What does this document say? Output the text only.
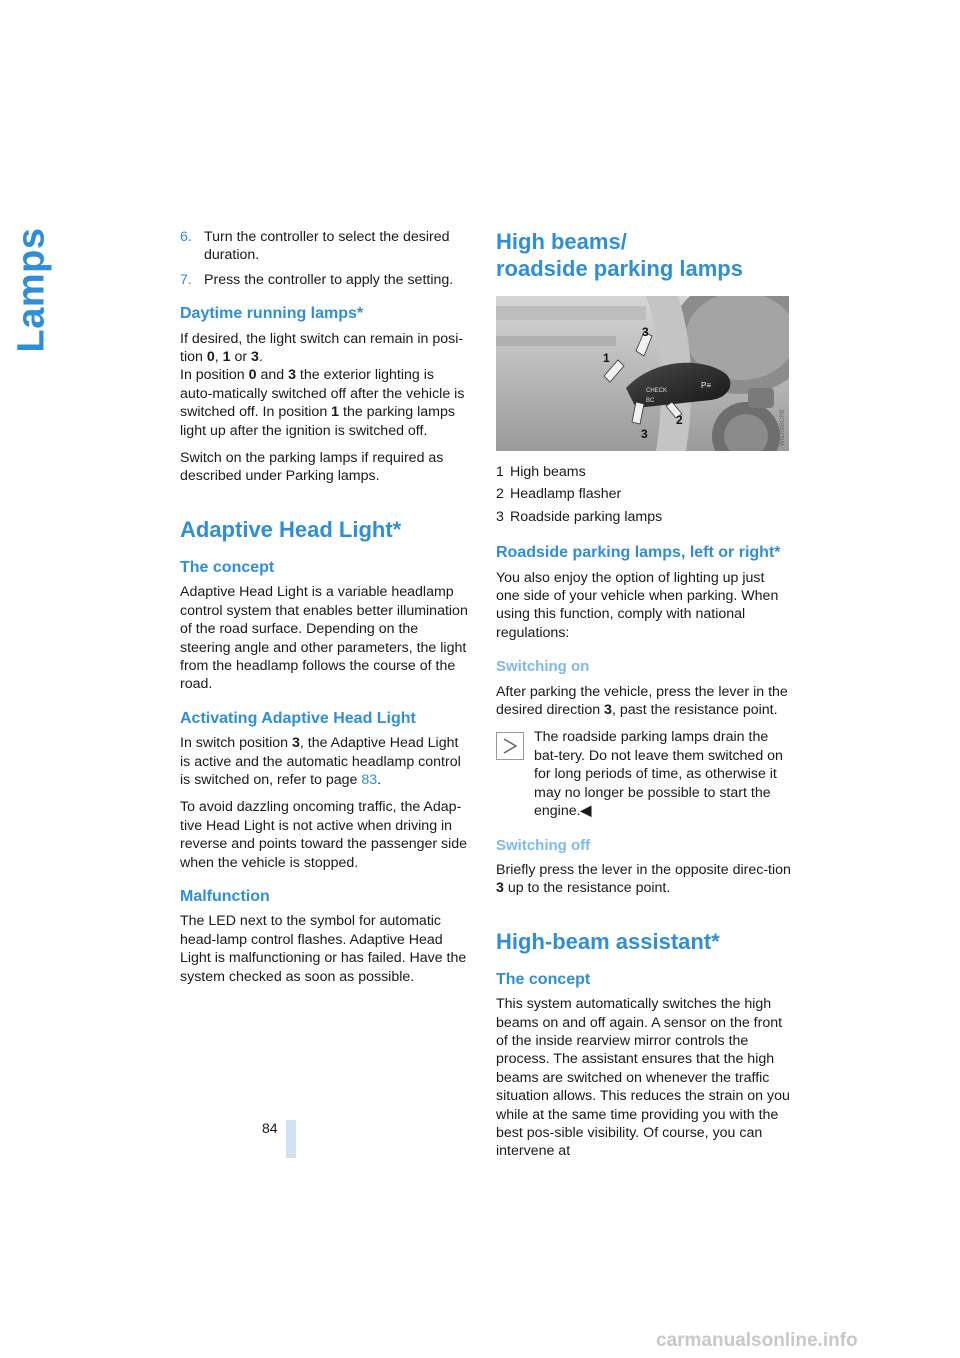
Lamps	6. Turn the controller to select the desired duration.
7. Press the controller to apply the setting.
Daytime running lamps*

If desired, the light switch can remain in posi-tion 0, 1 or 3.
In position 0 and 3 the exterior lighting is auto-matically switched off after the vehicle is switched off. In position 1 the parking lamps light up after the ignition is switched off.

Switch on the parking lamps if required as described under Parking lamps.

Adaptive Head Light*
The concept

Adaptive Head Light is a variable headlamp control system that enables better illumination of the road surface. Depending on the steering angle and other parameters, the light from the headlamp follows the course of the road.

Activating Adaptive Head Light

In switch position 3, the Adaptive Head Light is active and the automatic headlamp control is switched on, refer to page 83.

To avoid dazzling oncoming traffic, the Adap-tive Head Light is not active when driving in reverse and points toward the passenger side when the vehicle is stopped.

Malfunction

The LED next to the symbol for automatic head-lamp control flashes. Adaptive Head Light is malfunctioning or has failed. Have the system checked as soon as possible.

High beams/
roadside parking lamps
CHECK
BC
P≡
1
2
3
3	W8D08BCPB
1 High beams
2 Headlamp flasher
3 Roadside parking lamps
Roadside parking lamps, left or right*

You also enjoy the option of lighting up just one side of your vehicle when parking. When using this function, comply with national regulations:

Switching on

After parking the vehicle, press the lever in the desired direction 3, past the resistance point.

The roadside parking lamps drain the bat-tery. Do not leave them switched on for long periods of time, as otherwise it may no longer be possible to start the engine.◀

Switching off

Briefly press the lever in the opposite direc-tion 3 up to the resistance point.

High-beam assistant*
The concept

This system automatically switches the high beams on and off again. A sensor on the front of the inside rearview mirror controls the process. The assistant ensures that the high beams are switched on whenever the traffic situation allows. This reduces the strain on you while at the same time providing you with the best pos-sible visibility. Of course, you can intervene at

84
carmanualsonline.info
